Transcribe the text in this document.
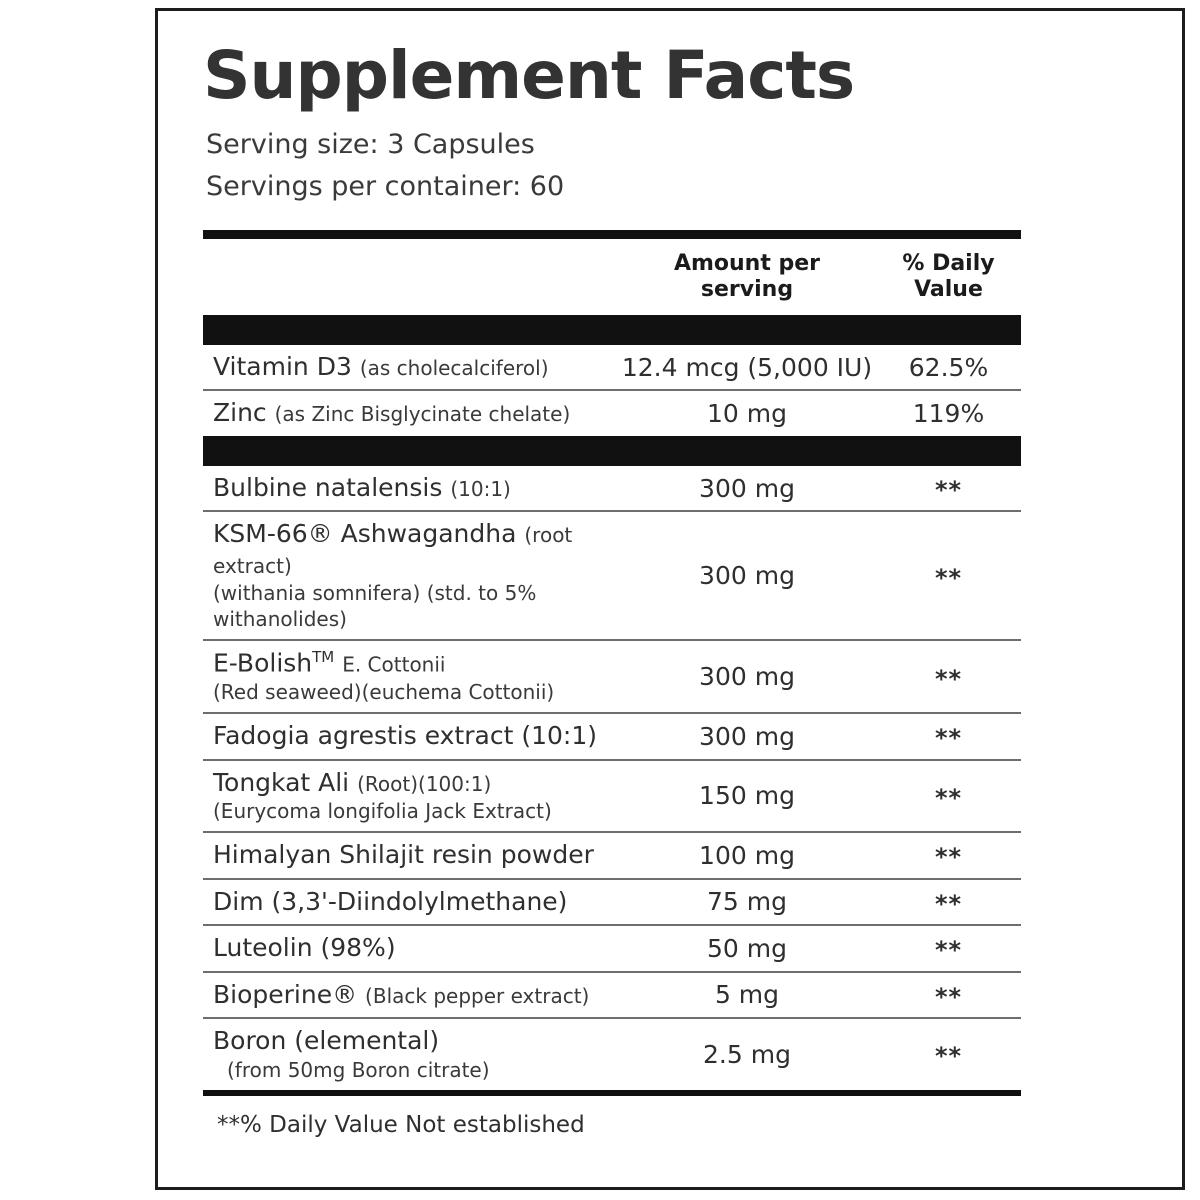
Supplement Facts
Serving size: 3 Capsules
Servings per container: 60
Amount per
serving
% Daily
Value
Vitamin D3 (as cholecalciferol)	12.4 mcg (5,000 IU)	62.5%
Zinc (as Zinc Bisglycinate chelate)	10 mg	119%
Bulbine natalensis (10:1)	300 mg	**
KSM-66® Ashwagandha (root extract)
(withania somnifera) (std. to 5% withanolides)
300 mg	**
E-Bolish™ E. Cottonii
(Red seaweed)(euchema Cottonii)
300 mg	**
Fadogia agrestis extract (10:1)	300 mg	**
Tongkat Ali (Root)(100:1)
(Eurycoma longifolia Jack Extract)
150 mg	**
Himalyan Shilajit resin powder	100 mg	**
Dim (3,3'-Diindolylmethane)	75 mg	**
Luteolin (98%)	50 mg	**
Bioperine® (Black pepper extract)	5 mg	**
Boron (elemental)
(from 50mg Boron citrate)
2.5 mg	**
**% Daily Value Not established
